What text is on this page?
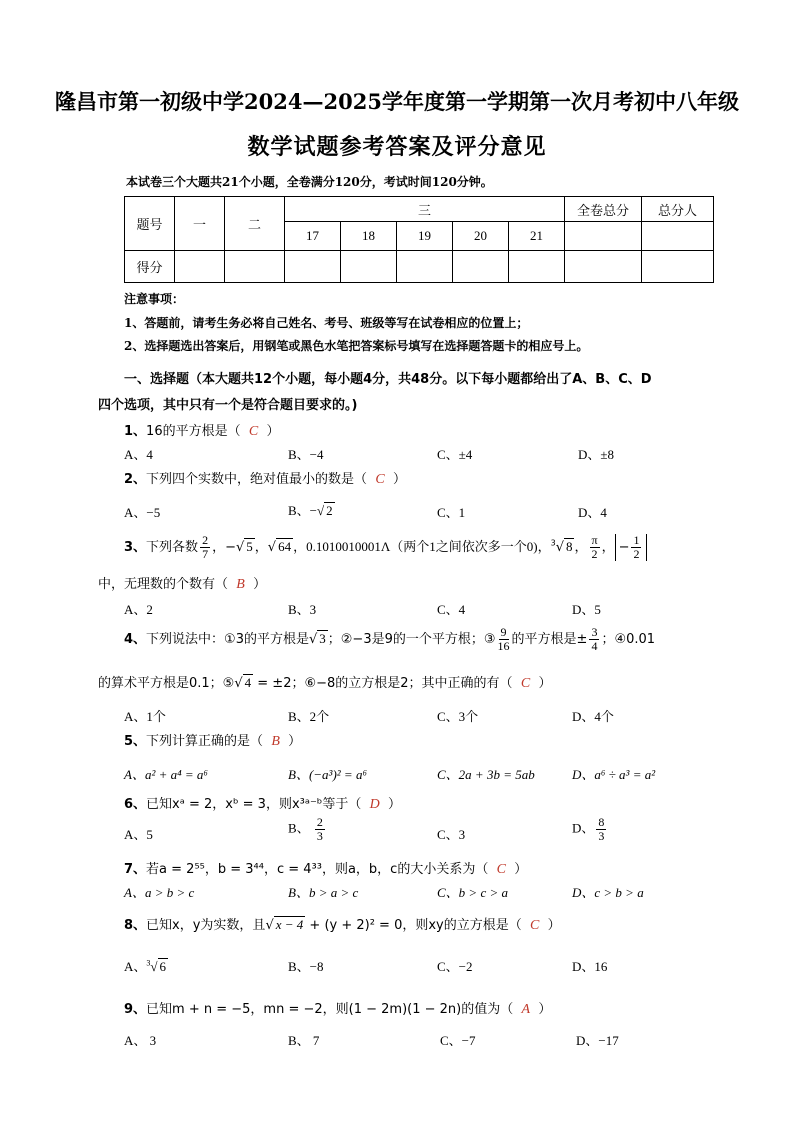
隆昌市第一初级中学2024—2025学年度第一学期第一次月考初中八年级
数学试题参考答案及评分意见
本试卷三个大题共21个小题，全卷满分120分，考试时间120分钟。
题号	一	二	三					全卷总分	总分人
			17	18	19	20	21		
得分									
注意事项：
1、答题前，请考生务必将自己姓名、考号、班级等写在试卷相应的位置上；
2、选择题选出答案后，用钢笔或黑色水笔把答案标号填写在选择题答题卡的相应号上。
一、选择题（本大题共12个小题，每小题4分，共48分。以下每小题都给出了A、B、C、D
四个选项，其中只有一个是符合题目要求的。)
1、16的平方根是（ C ）
A、4	B、−4	C、±4	D、±8
2、下列四个实数中，绝对值最小的数是（ C ）
A、−5	B、−√ 2	C、1	D、4
3、下列各数 $\frac{2}{7}$ ，−√ 5 ，√ 64 ，0.1010010001Λ（两个1之间依次多一个0)，$^3$√ 8 ， $\frac{\pi}{2}$ ， − $\frac{1}{2}$
中，无理数的个数有（ B ）
A、2	B、3	C、4	D、5
4、下列说法中：①3的平方根是√ 3 ；②−3是9的一个平方根；③ $\frac{9}{16}$ 的平方根是± $\frac{3}{4}$ ；④0.01
的算术平方根是0.1；⑤√ 4 = ±2；⑥−8的立方根是2；其中正确的有（ C ）
A、1个	B、2个	C、3个	D、4个
5、下列计算正确的是（ B ）
A、a² + a⁴ = a⁶	B、(−a³)² = a⁶	C、2a + 3b = 5ab	D、a⁶ ÷ a³ = a²
6、已知xᵃ = 2，xᵇ = 3，则x³ᵃ⁻ᵇ等于（ D ）
A、5	B、 $\frac{2}{3}$	C、3	D、 $\frac{8}{3}$
7、若a = 2⁵⁵，b = 3⁴⁴，c = 4³³，则a，b，c的大小关系为（ C ）
A、a > b > c	B、b > a > c	C、b > c > a	D、c > b > a
8、已知x，y为实数，且√ x − 4 + (y + 2)² = 0，则xy的立方根是（ C ）
A、$^3$√ 6	B、−8	C、−2	D、16
9、已知m + n = −5，mn = −2，则(1 − 2m)(1 − 2n)的值为（ A ）
A、 3	B、 7	C、−7	D、−17
